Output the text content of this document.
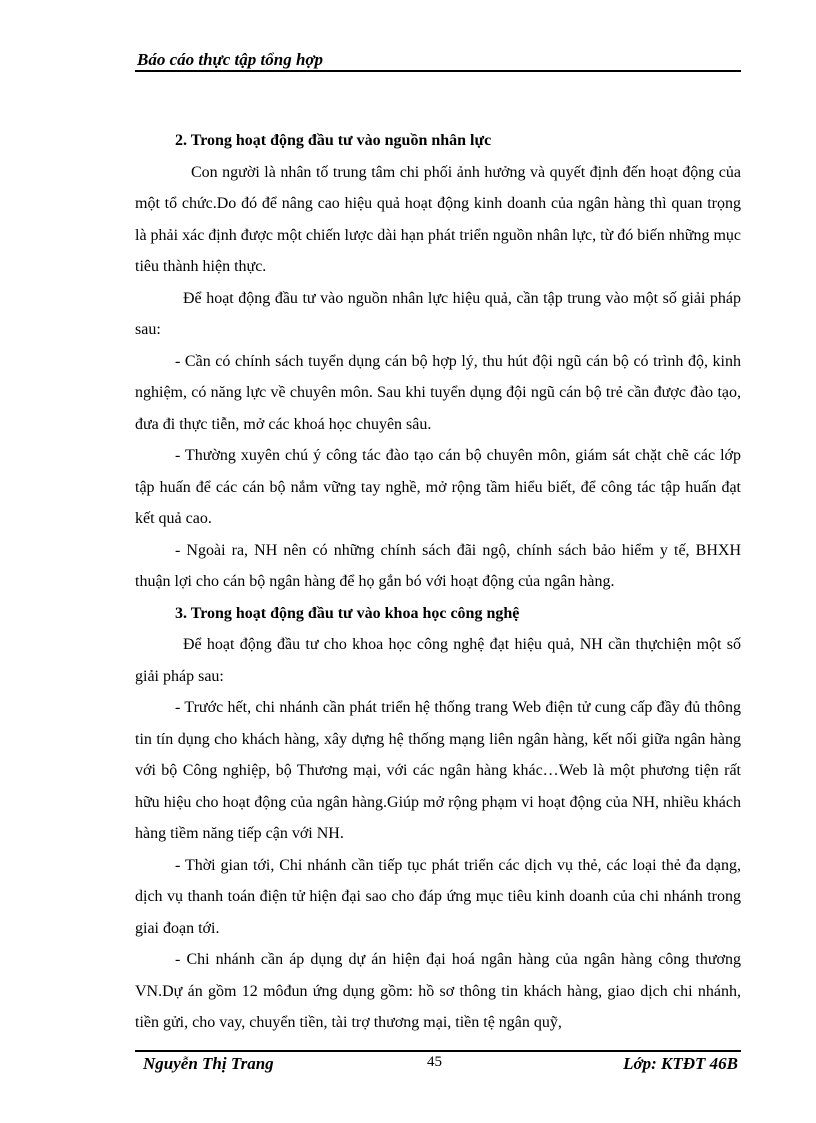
Báo cáo thực tập tổng hợp

2. Trong hoạt động đầu tư vào nguồn nhân lực

Con người là nhân tố trung tâm chi phối ảnh hưởng và quyết định đến hoạt động của một tổ chức.Do đó để nâng cao hiệu quả hoạt động kinh doanh của ngân hàng thì quan trọng là phải xác định được một chiến lược dài hạn phát triển nguồn nhân lực, từ đó biến những mục tiêu thành hiện thực.

Để hoạt động đầu tư vào nguồn nhân lực hiệu quả, cần tập trung vào một số giải pháp sau:

- Cần có chính sách tuyển dụng cán bộ hợp lý, thu hút đội ngũ cán bộ có trình độ, kinh nghiệm, có năng lực về chuyên môn. Sau khi tuyển dụng đội ngũ cán bộ trẻ cần được đào tạo, đưa đi thực tiễn, mở các khoá học chuyên sâu.

- Thường xuyên chú ý công tác đào tạo cán bộ chuyên môn, giám sát chặt chẽ các lớp tập huấn để các cán bộ nắm vững tay nghề, mở rộng tầm hiểu biết, để công tác tập huấn đạt kết quả cao.

- Ngoài ra, NH nên có những chính sách đãi ngộ, chính sách bảo hiểm y tế, BHXH thuận lợi cho cán bộ ngân hàng để họ gắn bó với hoạt động của ngân hàng.

3. Trong hoạt động đầu tư vào khoa học công nghệ

Để hoạt động đầu tư cho khoa học công nghệ đạt hiệu quả, NH cần thựchiện một số giải pháp sau:

- Trước hết, chi nhánh cần phát triển hệ thống trang Web điện tử cung cấp đầy đủ thông tin tín dụng cho khách hàng, xây dựng hệ thống mạng liên ngân hàng, kết nối giữa ngân hàng với bộ Công nghiệp, bộ Thương mại, với các ngân hàng khác…Web là một phương tiện rất hữu hiệu cho hoạt động của ngân hàng.Giúp mở rộng phạm vi hoạt động của NH, nhiều khách hàng tiềm năng tiếp cận với NH.

- Thời gian tới, Chi nhánh cần tiếp tục phát triển các dịch vụ thẻ, các loại thẻ đa dạng, dịch vụ thanh toán điện tử hiện đại sao cho đáp ứng mục tiêu kinh doanh của chi nhánh trong giai đoạn tới.

- Chi nhánh cần áp dụng dự án hiện đại hoá ngân hàng của ngân hàng công thương VN.Dự án gồm 12 môđun ứng dụng gồm: hồ sơ thông tin khách hàng, giao dịch chi nhánh, tiền gửi, cho vay, chuyển tiền, tài trợ thương mại, tiền tệ ngân quỹ,

Nguyễn Thị Trang	45	Lớp: KTĐT 46B
